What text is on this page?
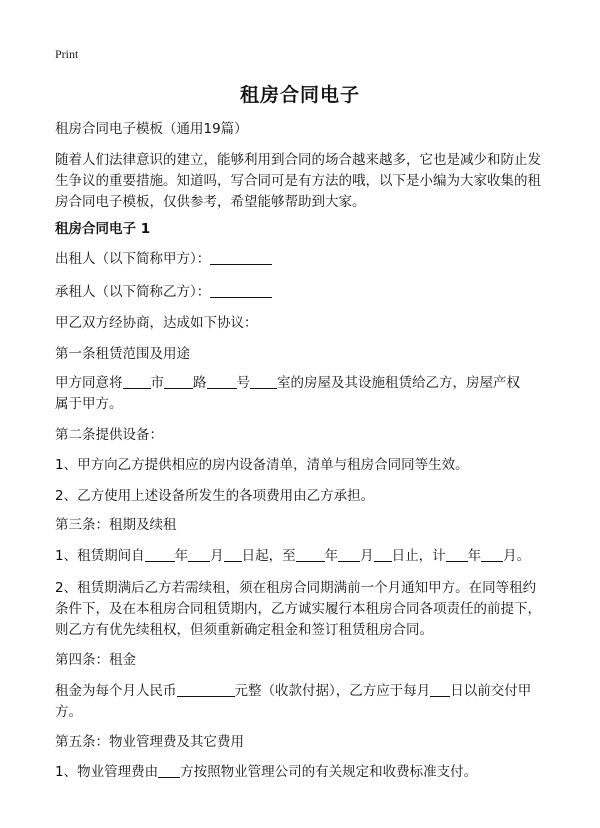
Print
租房合同电子
租房合同电子模板（通用19篇）
随着人们法律意识的建立，能够利用到合同的场合越来越多，它也是减少和防止发
生争议的重要措施。知道吗，写合同可是有方法的哦，以下是小编为大家收集的租
房合同电子模板，仅供参考，希望能够帮助到大家。
租房合同电子 1
出租人（以下简称甲方）：
承租人（以下简称乙方）：
甲乙双方经协商，达成如下协议：
第一条租赁范围及用途
甲方同意将 市 路 号 室的房屋及其设施租赁给乙方，房屋产权
属于甲方。
第二条提供设备：
1、甲方向乙方提供相应的房内设备清单，清单与租房合同同等生效。
2、乙方使用上述设备所发生的各项费用由乙方承担。
第三条：租期及续租
1、租赁期间自 年 月 日起，至 年 月 日止，计 年 月。
2、租赁期满后乙方若需续租，须在租房合同期满前一个月通知甲方。在同等租约
条件下，及在本租房合同租赁期内，乙方诚实履行本租房合同各项责任的前提下，
则乙方有优先续租权，但须重新确定租金和签订租赁租房合同。
第四条：租金
租金为每个月人民币	元整（收款付据），乙方应于每月 日以前交付甲
方。
第五条：物业管理费及其它费用
1、物业管理费由 方按照物业管理公司的有关规定和收费标准支付。
